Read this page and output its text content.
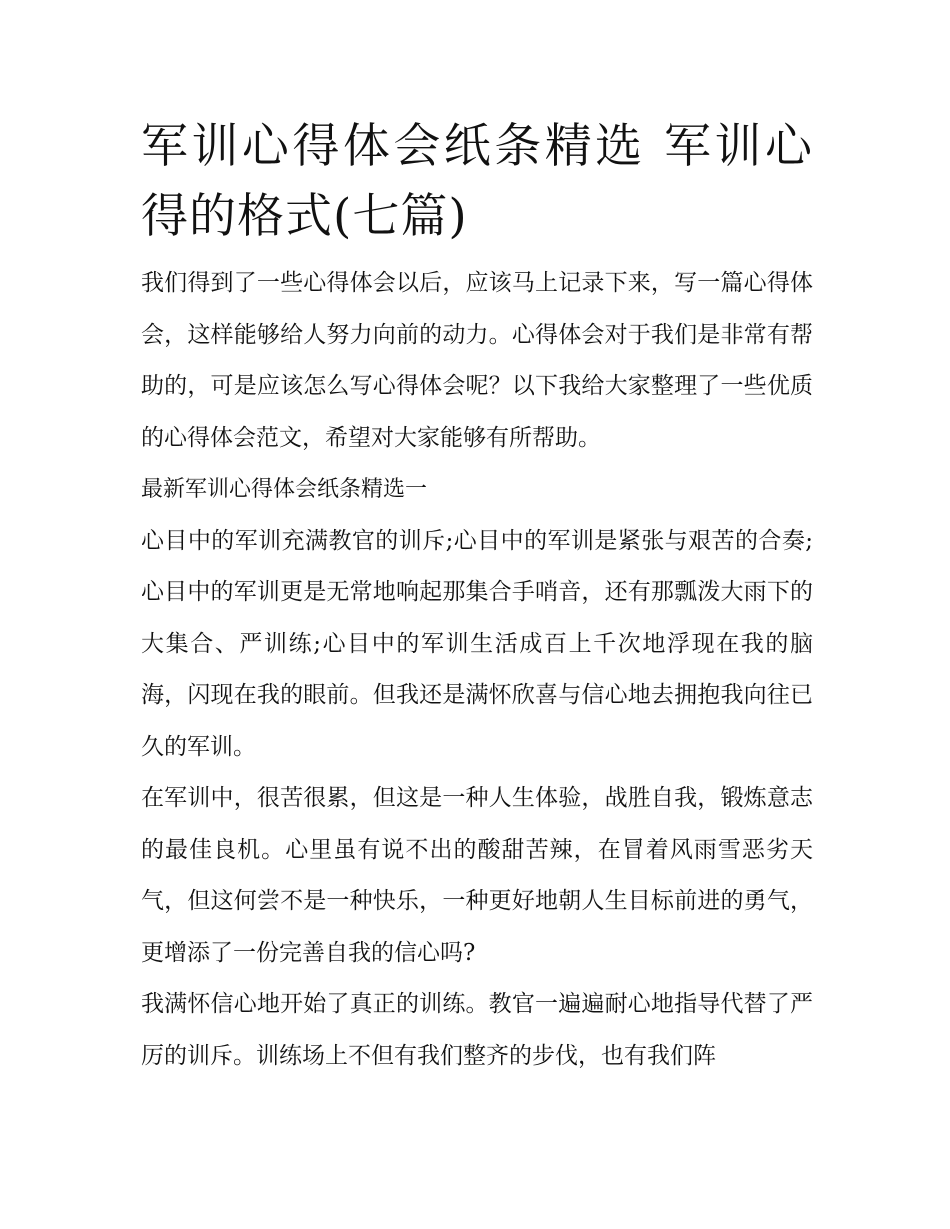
军训心得体会纸条精选 军训心得的格式(七篇)

我们得到了一些心得体会以后，应该马上记录下来，写一篇心得体会，这样能够给人努力向前的动力。心得体会对于我们是非常有帮助的，可是应该怎么写心得体会呢？以下我给大家整理了一些优质的心得体会范文，希望对大家能够有所帮助。

最新军训心得体会纸条精选一

心目中的军训充满教官的训斥;心目中的军训是紧张与艰苦的合奏;心目中的军训更是无常地响起那集合手哨音，还有那瓢泼大雨下的大集合、严训练;心目中的军训生活成百上千次地浮现在我的脑海，闪现在我的眼前。但我还是满怀欣喜与信心地去拥抱我向往已久的军训。

在军训中，很苦很累，但这是一种人生体验，战胜自我，锻炼意志的最佳良机。心里虽有说不出的酸甜苦辣，在冒着风雨雪恶劣天气，但这何尝不是一种快乐，一种更好地朝人生目标前进的勇气，更增添了一份完善自我的信心吗?

我满怀信心地开始了真正的训练。教官一遍遍耐心地指导代替了严厉的训斥。训练场上不但有我们整齐的步伐，也有我们阵
